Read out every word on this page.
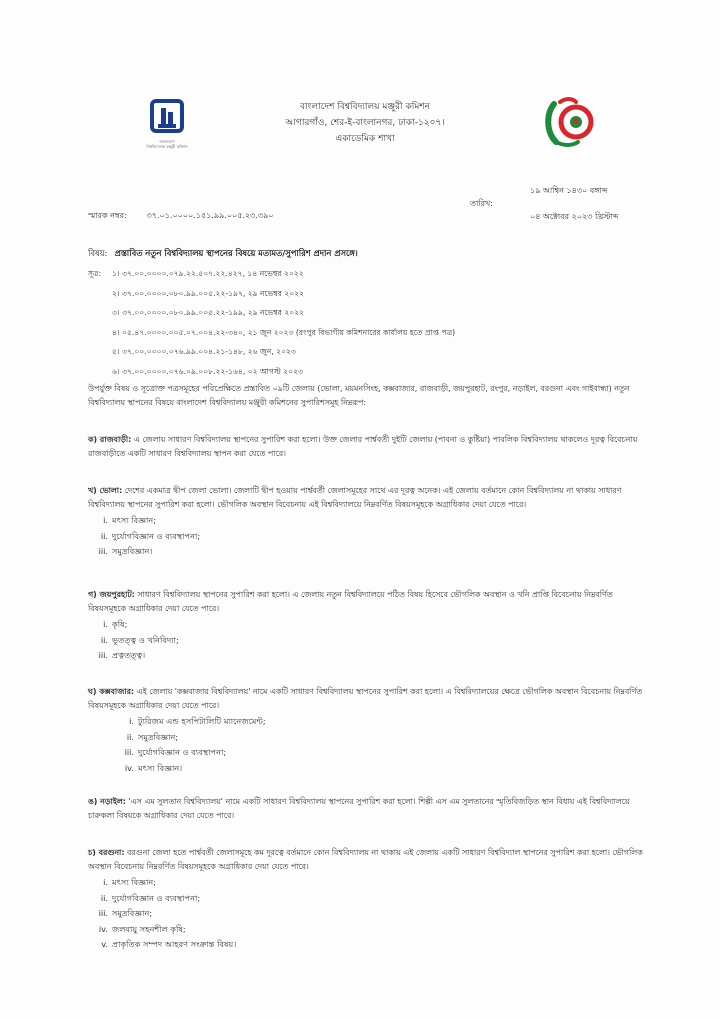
বাংলাদেশ
বিশ্ববিদ্যালয় মঞ্জুরী কমিশন
বাংলাদেশ বিশ্ববিদ্যালয় মঞ্জুরী কমিশন
আগারগাঁও, শের-ই-বাংলানগর, ঢাকা-১২০৭।
একাডেমিক শাখা
১৯ আশ্বিন ১৪৩০ বঙ্গাব্দ
তারিখ:
০৪ অক্টোবর ২০২৩ খ্রিস্টাব্দ
স্মারক নম্বর: ৩৭.০১.০০০০.১৫১.৯৯.০০৫.২৩.৩৯০
বিষয়: প্রস্তাবিত নতুন বিশ্ববিদ্যালয় স্থাপনের বিষয়ে মতামত/সুপারিশ প্রদান প্রসঙ্গে।
সূত্র: ১। ৩৭.০০.০০০০.০৭৯.২২.৫০৭.২২.৪২৭, ১৪ নভেম্বর ২০২২
২। ৩৭.০০.০০০০.০৮০.৯৯.০০৫.২২-১৯৭, ২৯ নভেম্বর ২০২২
৩। ৩৭.০০.০০০০.০৮০.৯৯.০০৫.২২-১৯৯, ২৯ নভেম্বর ২০২২
৪। ০৫.৪৭.০০০০.০০৫.০৭.০০৪.২২-৩৪০, ২১ জুন ২০২৩ (রংপুর বিভাগীয় কমিশনারের কার্যালয় হতে প্রাপ্ত পত্র)
৫। ৩৭.০০.০০০০.০৭৬.৯৯.০০৪.২১-১৪৮, ২৬ জুন, ২০২৩
৬। ৩৭.০০.০০০০.০৭৬.০৯.০০৮.২২-১৬৪, ০২ আগস্ট ২০২৩

উপর্যুক্ত বিষয় ও সূত্রোক্ত পত্রসমূহের পরিপ্রেক্ষিতে প্রস্তাবিত ০৯টি জেলায় (ভোলা, ময়মনসিংহ, কক্সবাজার, রাজবাড়ী, জয়পুরহাট, রংপুর, নড়াইল, বরগুনা এবং গাইবান্ধা) নতুন বিশ্ববিদ্যালয় স্থাপনের বিষয়ে বাংলাদেশ বিশ্ববিদ্যালয় মঞ্জুরী কমিশনের সুপারিশসমূহ নিম্নরূপ:

ক) রাজবাড়ী: এ জেলায় সাধারণ বিশ্ববিদ্যালয় স্থাপনের সুপারিশ করা হলো। উক্ত জেলার পার্শ্ববর্তী দুইটি জেলায় (পাবনা ও কুষ্টিয়া) পাবলিক বিশ্ববিদ্যালয় থাকলেও দূরত্ব বিবেচনায় রাজবাড়ীতে একটি সাধারণ বিশ্ববিদ্যালয় স্থাপন করা যেতে পারে।

খ) ভোলা: দেশের একমাত্র দ্বীপ জেলা ভোলা। জেলাটি দ্বীপ হওয়ায় পার্শ্ববর্তী জেলাসমূহের সাথে এর দূরত্ব অনেক। এই জেলায় বর্তমানে কোন বিশ্ববিদ্যালয় না থাকায় সাধারণ বিশ্ববিদ্যালয় স্থাপনের সুপারিশ করা হলো। ভৌগলিক অবস্থান বিবেচনায় এই বিশ্ববিদ্যালয়ে নিম্নবর্ণিত বিষয়সমূহকে অগ্রাধিকার দেয়া যেতে পারে।

i. মৎস্য বিজ্ঞান;
ii. দুর্যোগবিজ্ঞান ও ব্যবস্থাপনা;
iii. সমুদ্রবিজ্ঞান।

গ) জয়পুরহাট: সাধারণ বিশ্ববিদ্যালয় স্থাপনের সুপারিশ করা হলো। এ জেলায় নতুন বিশ্ববিদ্যালয়ে পঠিত বিষয় হিসেবে ভৌগলিক অবস্থান ও খনি প্রাপ্তি বিবেচনায় নিম্নবর্ণিত বিষয়সমূহকে অগ্রাধিকার দেয়া যেতে পারে।

i. কৃষি;
ii. ভূতত্ত্ব ও খনিবিদ্যা;
iii. প্রত্নতত্ত্ব।

ঘ) কক্সবাজার: এই জেলায় 'কক্সবাজার বিশ্ববিদ্যালয়' নামে একটি সাধারণ বিশ্ববিদ্যালয় স্থাপনের সুপারিশ করা হলো। এ বিশ্ববিদ্যালয়ের ক্ষেত্রে ভৌগলিক অবস্থান বিবেচনায় নিম্নবর্ণিত বিষয়সমূহকে অগ্রাধিকার দেয়া যেতে পারে।

i. ট্যুরিজম এন্ড হসপিটালিটি ম্যানেজমেন্ট;
ii. সমুদ্রবিজ্ঞান;
iii. দুর্যোগবিজ্ঞান ও ব্যবস্থাপনা;
iv. মৎস্য বিজ্ঞান।

ঙ) নড়াইল: 'এস এম সুলতান বিশ্ববিদ্যালয়' নামে একটি সাধারণ বিশ্ববিদ্যালয় স্থাপনের সুপারিশ করা হলো। শিল্পী এস এম সুলতানের স্মৃতিবিজড়িত স্থান বিধায় এই বিশ্ববিদ্যালয়ে চারুকলা বিষয়কে অগ্রাধিকার দেয়া যেতে পারে।

চ) বরগুনা: বরগুনা জেলা হতে পার্শ্ববর্তী জেলাসমূহে কম দূরত্বে বর্তমানে কোন বিশ্ববিদ্যালয় না থাকায় এই জেলায় একটি সাধারণ বিশ্ববিদ্যাল স্থাপনের সুপারিশ করা হলো। ভৌগলিক অবস্থান বিবেচনায় নিম্নবর্ণিত বিষয়সমূহকে অগ্রাধিকার দেয়া যেতে পারে।

i. মৎস্য বিজ্ঞান;
ii. দুর্যোগবিজ্ঞান ও ব্যবস্থাপনা;
iii. সমুদ্রবিজ্ঞান;
iv. জলবায়ু সহনশীল কৃষি;
v. প্রাকৃতিক সম্পদ আহরণ সংক্রান্ত বিষয়।
